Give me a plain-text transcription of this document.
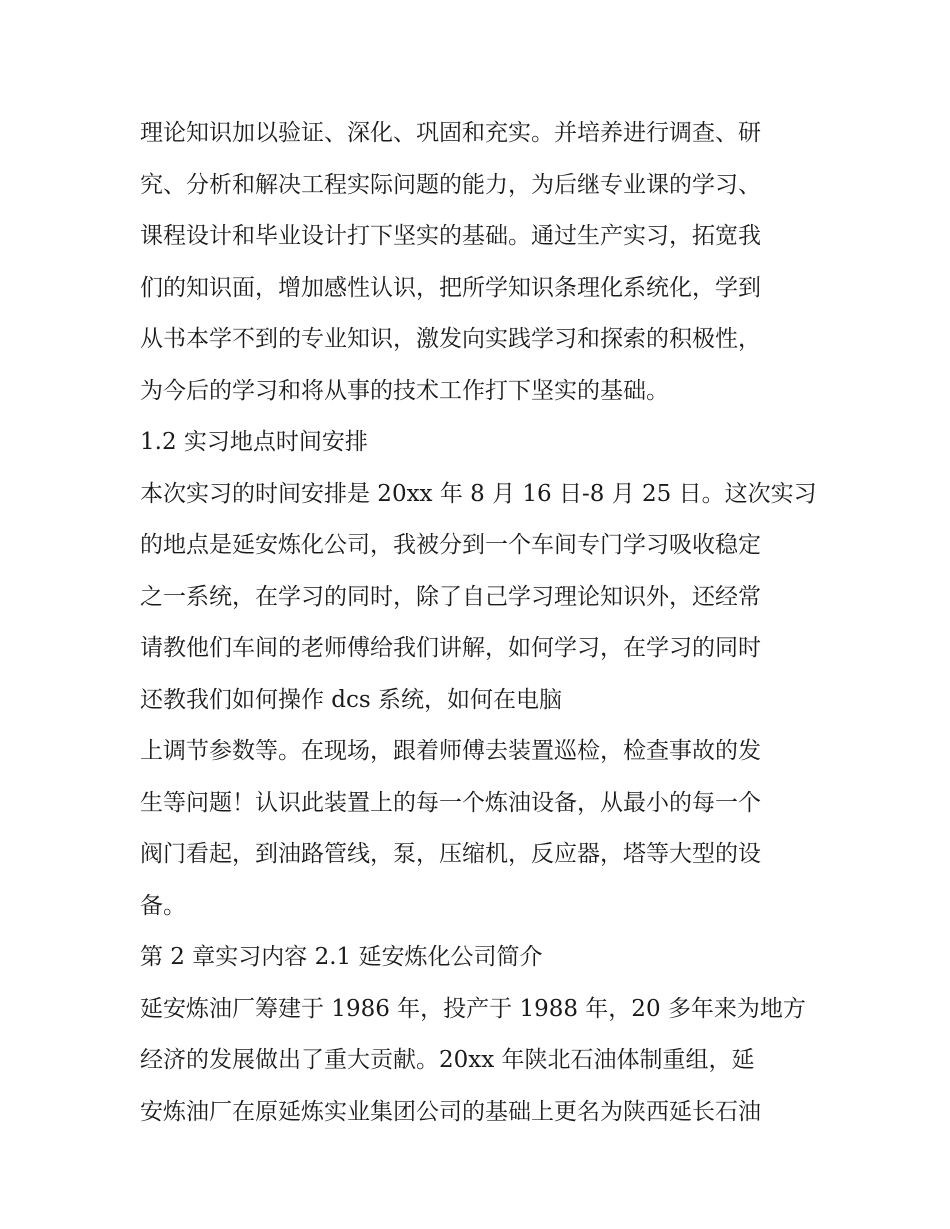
理论知识加以验证、深化、巩固和充实。并培养进行调查、研
究、分析和解决工程实际问题的能力，为后继专业课的学习、
课程设计和毕业设计打下坚实的基础。通过生产实习，拓宽我
们的知识面，增加感性认识，把所学知识条理化系统化，学到
从书本学不到的专业知识，激发向实践学习和探索的积极性，
为今后的学习和将从事的技术工作打下坚实的基础。
1.2 实习地点时间安排
本次实习的时间安排是 20xx 年 8 月 16 日-8 月 25 日。这次实习
的地点是延安炼化公司，我被分到一个车间专门学习吸收稳定
之一系统，在学习的同时，除了自己学习理论知识外，还经常
请教他们车间的老师傅给我们讲解，如何学习，在学习的同时
还教我们如何操作 dcs 系统，如何在电脑
上调节参数等。在现场，跟着师傅去装置巡检，检查事故的发
生等问题！认识此装置上的每一个炼油设备，从最小的每一个
阀门看起，到油路管线，泵，压缩机，反应器，塔等大型的设
备。
第 2 章实习内容 2.1 延安炼化公司简介
延安炼油厂筹建于 1986 年，投产于 1988 年，20 多年来为地方
经济的发展做出了重大贡献。20xx 年陕北石油体制重组，延
安炼油厂在原延炼实业集团公司的基础上更名为陕西延长石油
